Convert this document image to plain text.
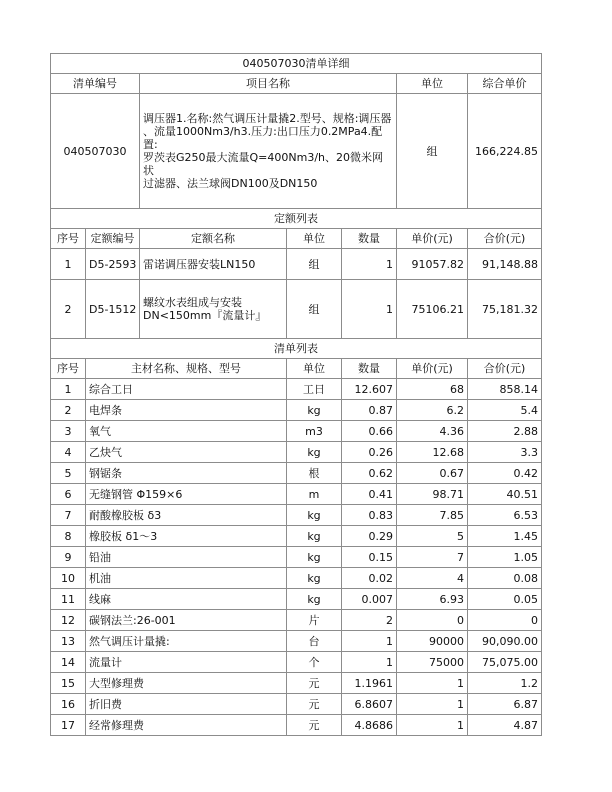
040507030清单详细						
清单编号		项目名称			单位	综合单价
040507030		调压器1.名称:然气调压计量撬2.型号、规格:调压器
、流量1000Nm3/h3.压力:出口压力0.2MPa4.配置:
罗茨表G250最大流量Q=400Nm3/h、20微米网状
过滤器、法兰球阀DN100及DN150			组	166,224.85
定额列表						
序号	定额编号	定额名称	单位	数量	单价(元)	合价(元)
1	D5-2593	雷诺调压器安装LN150	组	1	91057.82	91,148.88
2	D5-1512	螺纹水表组成与安装
DN<150mm『流量计』	组	1	75106.21	75,181.32
清单列表						
序号	主材名称、规格、型号		单位	数量	单价(元)	合价(元)
1	综合工日		工日	12.607	68	858.14
2	电焊条		kg	0.87	6.2	5.4
3	氧气		m3	0.66	4.36	2.88
4	乙炔气		kg	0.26	12.68	3.3
5	钢锯条		根	0.62	0.67	0.42
6	无缝钢管 Φ159×6		m	0.41	98.71	40.51
7	耐酸橡胶板 δ3		kg	0.83	7.85	6.53
8	橡胶板 δ1～3		kg	0.29	5	1.45
9	铅油		kg	0.15	7	1.05
10	机油		kg	0.02	4	0.08
11	线麻		kg	0.007	6.93	0.05
12	碳钢法兰:26-001		片	2	0	0
13	然气调压计量撬:		台	1	90000	90,090.00
14	流量计		个	1	75000	75,075.00
15	大型修理费		元	1.1961	1	1.2
16	折旧费		元	6.8607	1	6.87
17	经常修理费		元	4.8686	1	4.87
